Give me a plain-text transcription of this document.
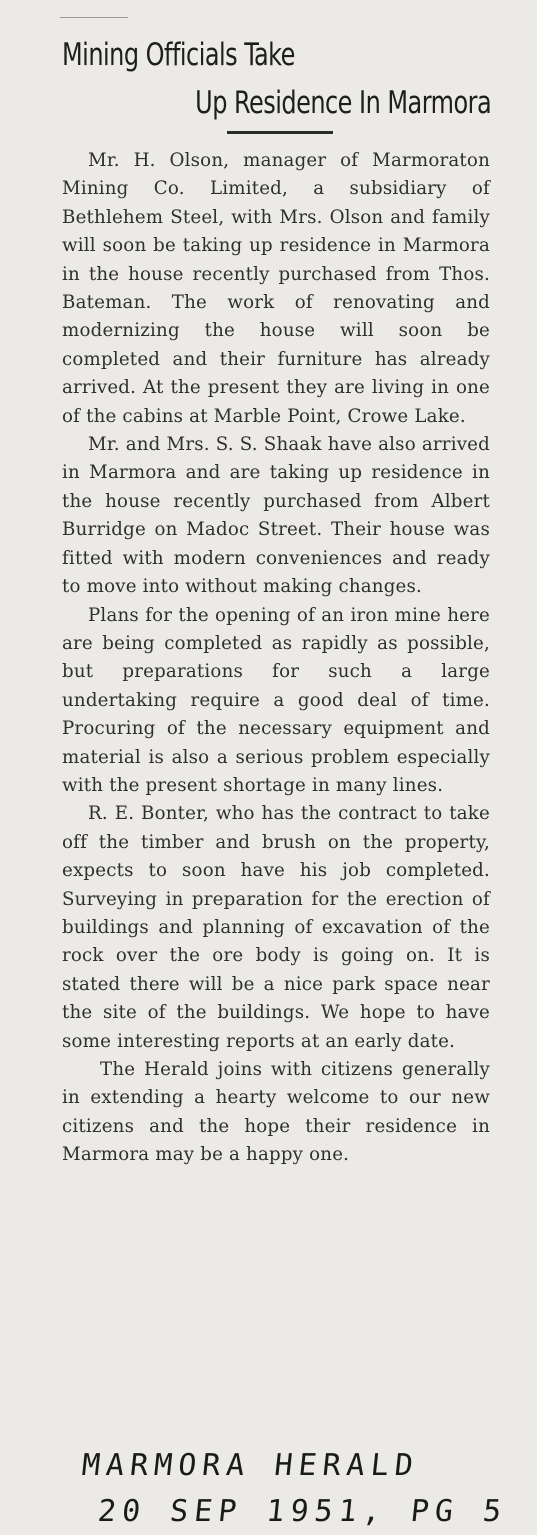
Mining Officials Take
Up Residence In Marmora

Mr. H. Olson, manager of Marmoraton Mining Co. Limited, a subsidiary of Bethlehem Steel, with Mrs. Olson and family will soon be taking up residence in Marmora in the house recently purchased from Thos. Bateman. The work of renovating and modernizing the house will soon be completed and their furniture has already arrived. At the present they are living in one of the cabins at Marble Point, Crowe Lake.

Mr. and Mrs. S. S. Shaak have also arrived in Marmora and are taking up residence in the house recently purchased from Albert Burridge on Madoc Street. Their house was fitted with modern conveniences and ready to move into without making changes.

Plans for the opening of an iron mine here are being completed as rapidly as possible, but preparations for such a large undertaking require a good deal of time. Procuring of the necessary equipment and material is also a serious problem especially with the present shortage in many lines.

R. E. Bonter, who has the contract to take off the timber and brush on the property, expects to soon have his job completed. Surveying in preparation for the erection of buildings and planning of excavation of the rock over the ore body is going on. It is stated there will be a nice park space near the site of the buildings. We hope to have some interesting reports at an early date.

The Herald joins with citizens generally in extending a hearty welcome to our new citizens and the hope their residence in Marmora may be a happy one.

MARMORA HERALD
20 SEP 1951, PG 5
